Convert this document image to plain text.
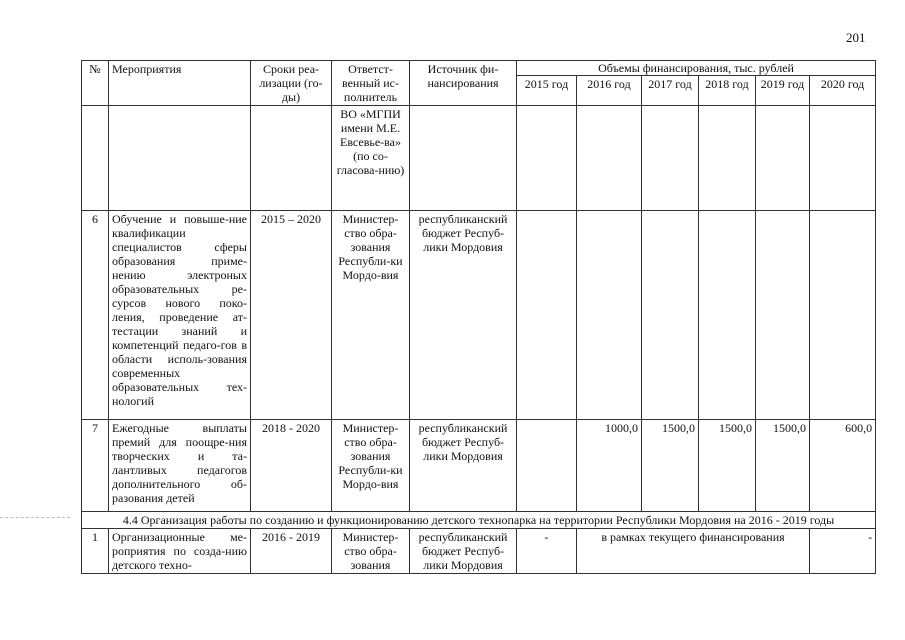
201
№	Мероприятия	Сроки реа-лизации (го-ды)	Ответст-венный ис-полнитель	Источник фи-нансирования	Объемы финансирования, тыс. рублей					
					2015 год	2016 год	2017 год	2018 год	2019 год	2020 год
			ВО «МГПИ имени М.Е. Евсевье-ва» (по со-гласова-нию)							
6	Обучение и повыше-ние квалификации специалистов сферы образования приме-нению электроных образовательных ре-сурсов нового поко-ления, проведение ат-тестации знаний и компетенций педаго-гов в области исполь-зования современных образовательных тех-нологий	2015 – 2020	Министер-ство обра-зования Республи-ки Мордо-вия	республиканский бюджет Респуб-лики Мордовия						
7	Ежегодные выплаты премий для поощре-ния творческих и та-лантливых педагогов дополнительного об-разования детей	2018 - 2020	Министер-ство обра-зования Республи-ки Мордо-вия	республиканский бюджет Респуб-лики Мордовия		1000,0	1500,0	1500,0	1500,0	600,0
4.4 Организация работы по созданию и функционированию детского технопарка на территории Республики Мордовия на 2016 - 2019 годы										
1	Организационные ме-роприятия по созда-нию детского техно-	2016 - 2019	Министер-ство обра-зования	республиканский бюджет Респуб-лики Мордовия	-	в рамках текущего финансирования				-
